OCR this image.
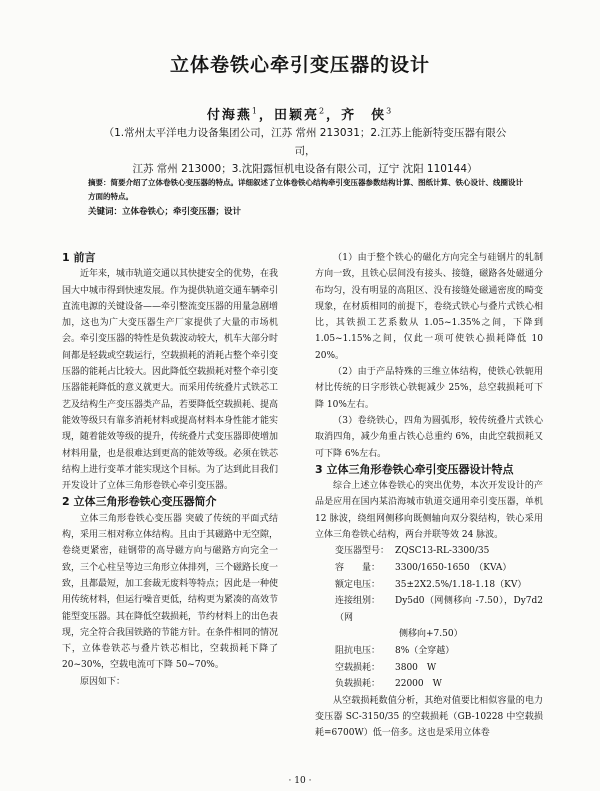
立体卷铁心牵引变压器的设计
付海燕$^1$，田颖亮$^2$，齐　侠$^3$
（1.常州太平洋电力设备集团公司，江苏 常州 213031；2.江苏上能新特变压器有限公司，
江苏 常州 213000；3.沈阳露恒机电设备有限公司，辽宁 沈阳 110144）
摘要：简要介绍了立体卷铁心变压器的特点。详细叙述了立体卷铁心结构牵引变压器参数结构计算、图纸计算、铁心设计、线圈设计方面的特点。
关键词：立体卷铁心；牵引变压器；设计

1 前言

近年来，城市轨道交通以其快捷安全的优势，在我国大中城市得到快速发展。作为提供轨道交通车辆牵引直流电源的关键设备——牵引整流变压器的用量急剧增加，这也为广大变压器生产厂家提供了大量的市场机会。牵引变压器的特性是负载波动较大，机车大部分时间都是轻载或空载运行，空载损耗的消耗占整个牵引变压器的能耗占比较大。因此降低空载损耗对整个牵引变压器能耗降低的意义就更大。而采用传统叠片式铁芯工艺及结构生产变压器类产品，若要降低空载损耗、提高能效等级只有靠多消耗材料或提高材料本身性能才能实现，随着能效等级的提升，传统叠片式变压器即使增加材料用量，也是很难达到更高的能效等级。必须在铁芯结构上进行变革才能实现这个目标。为了达到此目我们开发设计了立体三角形卷铁心牵引变压器。

2 立体三角形卷铁心变压器简介

立体三角形卷铁心变压器 突破了传统的平面式结构，采用三相对称立体结构。且由于其磁路中无空隙，卷绕更紧密，硅钢带的高导磁方向与磁路方向完全一致，三个心柱呈等边三角形立体排列，三个磁路长度一致，且都最短，加工套裁无废料等特点；因此是一种使用传统材料，但运行噪音更低，结构更为紧凑的高效节能型变压器。其在降低空载损耗，节约材料上的出色表现，完全符合我国铁路的节能方针。在条件相同的情况下，立体卷铁芯与叠片铁芯相比，空载损耗下降了 20~30%，空载电流可下降 50~70%。

原因如下：

（1）由于整个铁心的磁化方向完全与硅钢片的轧制方向一致，且铁心层间没有接头、接缝，磁路各处磁通分布均匀，没有明显的高阻区、没有接缝处磁通密度的畸变现象，在材质相同的前提下，卷绕式铁心与叠片式铁心相比，其铁损工艺系数从 1.05~1.35%之间，下降到 1.05~1.15%之间，仅此一项可使铁心损耗降低 10 20%。

（2）由于产品特殊的三维立体结构，使铁心铁轭用材比传统的日字形铁心铁轭减少 25%，总空载损耗可下降 10%左右。

（3）卷绕铁心，四角为圆弧形，较传统叠片式铁心取消四角，减少角重占铁心总重约 6%，由此空载损耗又可下降 6%左右。

3 立体三角形卷铁心牵引变压器设计特点

综合上述立体卷铁心的突出优势，本次开发设计的产品是应用在国内某沿海城市轨道交通用牵引变压器，单机 12 脉波，绕组网侧移向既侧轴向双分裂结构，铁心采用立体三角卷铁心结构，两台并联等效 24 脉波。

变压器型号： ZQSC13-RL-3300/35
容　　量： 3300/1650-1650　（KVA）
额定电压： 35±2X2.5%/1.18-1.18（KV）
连接组别： Dy5d0（网侧移向 -7.50），Dy7d2（网
侧移向+7.50）
阻抗电压： 8%（全穿越）
空载损耗： 3800　W
负载损耗： 22000　W

从空载损耗数值分析，其绝对值要比相似容量的电力变压器 SC-3150/35 的空载损耗（GB-10228 中空载损耗=6700W）低一倍多。这也是采用立体卷

· 10 ·
